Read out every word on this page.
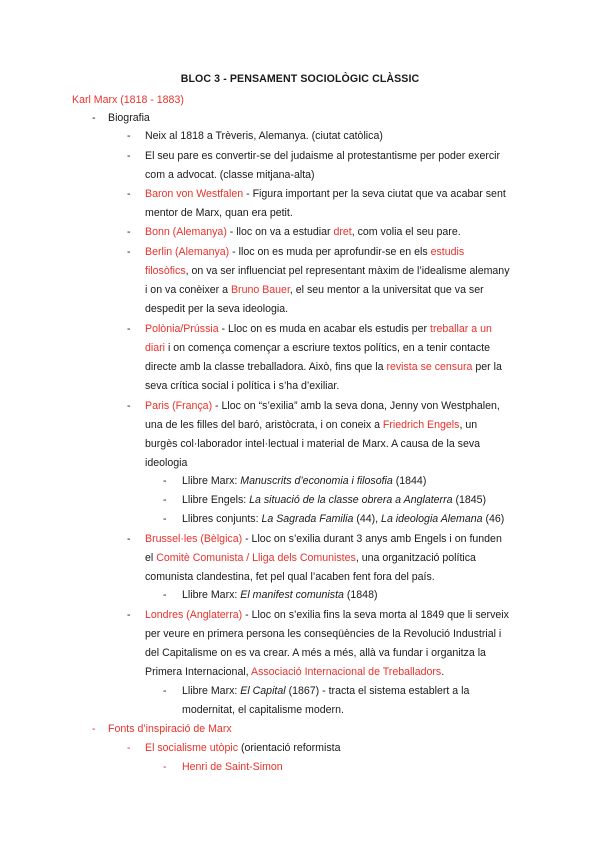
BLOC 3 - PENSAMENT SOCIOLÒGIC CLÀSSIC
Karl Marx (1818 - 1883)
- Biografia
- Neix al 1818 a Trèveris, Alemanya. (ciutat catòlica)
- El seu pare es convertir-se del judaisme al protestantisme per poder exercir
com a advocat. (classe mitjana-alta)
- Baron von Westfalen - Figura important per la seva ciutat que va acabar sent
mentor de Marx, quan era petit.
- Bonn (Alemanya) - lloc on va a estudiar dret, com volia el seu pare.
- Berlin (Alemanya) - lloc on es muda per aprofundir-se en els estudis
filosòfics, on va ser influenciat pel representant màxim de l’idealisme alemany
i on va conèixer a Bruno Bauer, el seu mentor a la universitat que va ser
despedit per la seva ideologia.
- Polònia/Prússia - Lloc on es muda en acabar els estudis per treballar a un
diari i on comença començar a escriure textos polítics, en a tenir contacte
directe amb la classe treballadora. Això, fins que la revista se censura per la
seva crítica social i política i s’ha d’exiliar.
- Paris (França) - Lloc on “s’exilia” amb la seva dona, Jenny von Westphalen,
una de les filles del baró, aristòcrata, i on coneix a Friedrich Engels, un
burgès col·laborador intel·lectual i material de Marx. A causa de la seva
ideologia
- Llibre Marx: Manuscrits d’economia i filosofia (1844)
- Llibre Engels: La situació de la classe obrera a Anglaterra (1845)
- Llibres conjunts: La Sagrada Familia (44), La ideologia Alemana (46)
- Brussel·les (Bèlgica) - Lloc on s’exilia durant 3 anys amb Engels i on funden
el Comitè Comunista / Lliga dels Comunistes, una organització política
comunista clandestina, fet pel qual l’acaben fent fora del país.
- Llibre Marx: El manifest comunista (1848)
- Londres (Anglaterra) - Lloc on s’exilia fins la seva morta al 1849 que li serveix
per veure en primera persona les conseqüències de la Revolució Industrial i
del Capitalisme on es va crear. A més a més, allà va fundar i organitza la
Primera Internacional, Associació Internacional de Treballadors.
- Llibre Marx: El Capital (1867) - tracta el sistema establert a la
modernitat, el capitalisme modern.
- Fonts d’inspiració de Marx
- El socialisme utòpic (orientació reformista
- Henri de Saint-Simon
